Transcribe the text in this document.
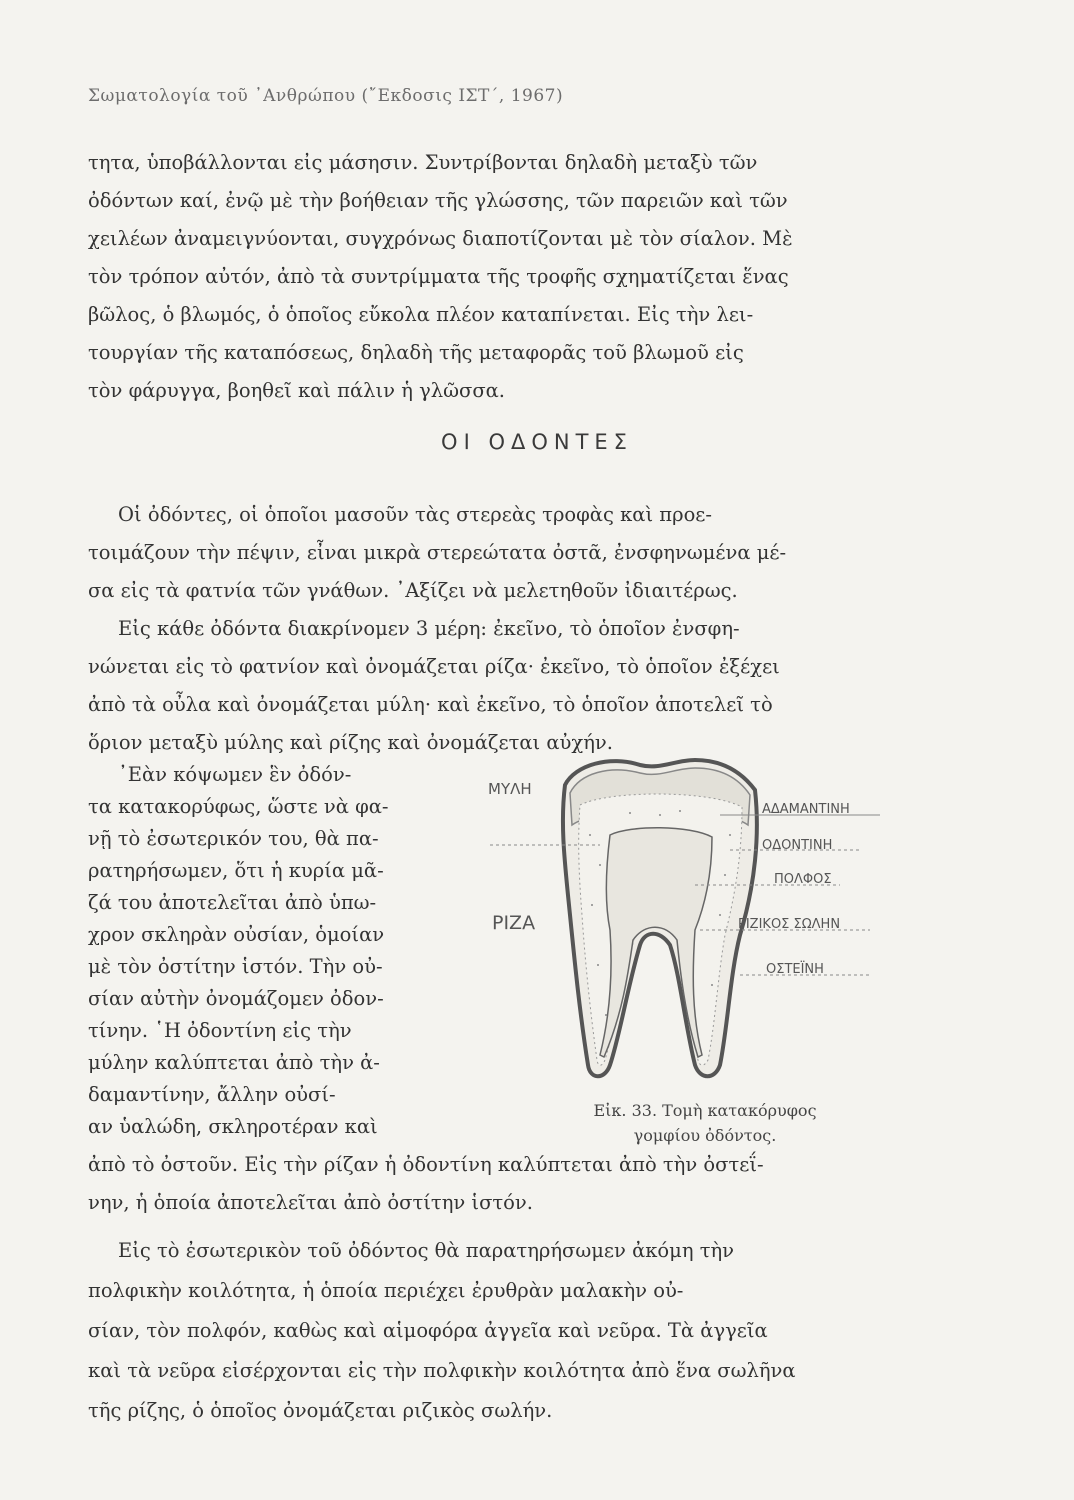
Σωματολογία τοῦ ᾿Ανθρώπου (῎Εκδοσις ΙΣΤ΄, 1967)
τητα, ὑποβάλλονται εἰς μάσησιν. Συντρίβονται δηλαδὴ μεταξὺ τῶν
ὀδόντων καί, ἐνῷ μὲ τὴν βοήθειαν τῆς γλώσσης, τῶν παρειῶν καὶ τῶν
χειλέων ἀναμειγνύονται, συγχρόνως διαποτίζονται μὲ τὸν σίαλον. Μὲ
τὸν τρόπον αὐτόν, ἀπὸ τὰ συντρίμματα τῆς τροφῆς σχηματίζεται ἕνας
βῶλος, ὁ βλωμός, ὁ ὁποῖος εὔκολα πλέον καταπίνεται. Εἰς τὴν λει-
τουργίαν τῆς καταπόσεως, δηλαδὴ τῆς μεταφορᾶς τοῦ βλωμοῦ εἰς
τὸν φάρυγγα, βοηθεῖ καὶ πάλιν ἡ γλῶσσα.
ΟΙ ΟΔΟΝΤΕΣ
Οἱ ὀδόντες, οἱ ὁποῖοι μασοῦν τὰς στερεὰς τροφὰς καὶ προε-
τοιμάζουν τὴν πέψιν, εἶναι μικρὰ στερεώτατα ὀστᾶ, ἐνσφηνωμένα μέ-
σα εἰς τὰ φατνία τῶν γνάθων. ᾿Αξίζει νὰ μελετηθοῦν ἰδιαιτέρως.
Εἰς κάθε ὀδόντα διακρίνομεν 3 μέρη: ἐκεῖνο, τὸ ὁποῖον ἐνσφη-
νώνεται εἰς τὸ φατνίον καὶ ὀνομάζεται ρίζα· ἐκεῖνο, τὸ ὁποῖον ἐξέχει
ἀπὸ τὰ οὖλα καὶ ὀνομάζεται μύλη· καὶ ἐκεῖνο, τὸ ὁποῖον ἀποτελεῖ τὸ
ὅριον μεταξὺ μύλης καὶ ρίζης καὶ ὀνομάζεται αὐχήν.
᾿Εὰν κόψωμεν ἓν ὀδόν-
τα κατακορύφως, ὥστε νὰ φα-
νῇ τὸ ἐσωτερικόν του, θὰ πα-
ρατηρήσωμεν, ὅτι ἡ κυρία μᾶ-
ζά του ἀποτελεῖται ἀπὸ ὑπω-
χρον σκληρὰν οὐσίαν, ὁμοίαν
μὲ τὸν ὀστίτην ἱστόν. Τὴν οὐ-
σίαν αὐτὴν ὀνομάζομεν ὀδον-
τίνην. ῾Η ὀδοντίνη εἰς τὴν
μύλην καλύπτεται ἀπὸ τὴν ἀ-
δαμαντίνην, ἄλλην οὐσί-
αν ὑαλώδη, σκληροτέραν καὶ
ἀπὸ τὸ ὀστοῦν. Εἰς τὴν ρίζαν ἡ ὀδοντίνη καλύπτεται ἀπὸ τὴν ὀστεΐ-
νην, ἡ ὁποία ἀποτελεῖται ἀπὸ ὀστίτην ἱστόν.
Εἰς τὸ ἐσωτερικὸν τοῦ ὀδόντος θὰ παρατηρήσωμεν ἀκόμη τὴν
πολφικὴν κοιλότητα, ἡ ὁποία περιέχει ἐρυθρὰν μαλακὴν οὐ-
σίαν, τὸν πολφόν, καθὼς καὶ αἱμοφόρα ἀγγεῖα καὶ νεῦρα. Τὰ ἀγγεῖα
καὶ τὰ νεῦρα εἰσέρχονται εἰς τὴν πολφικὴν κοιλότητα ἀπὸ ἕνα σωλῆνα
τῆς ρίζης, ὁ ὁποῖος ὀνομάζεται ριζικὸς σωλήν.
ΜΥΛΗ
ΡΙΖΑ
ΑΔΑΜΑΝΤΙΝΗ
ΟΔΟΝΤΙΝΗ
ΠΟΛΦΟΣ
ΡΙΖΙΚΟΣ ΣΩΛΗΝ
ΟΣΤΕΪΝΗ
Εἰκ. 33. Τομὴ κατακόρυφος
γομφίου ὀδόντος.
